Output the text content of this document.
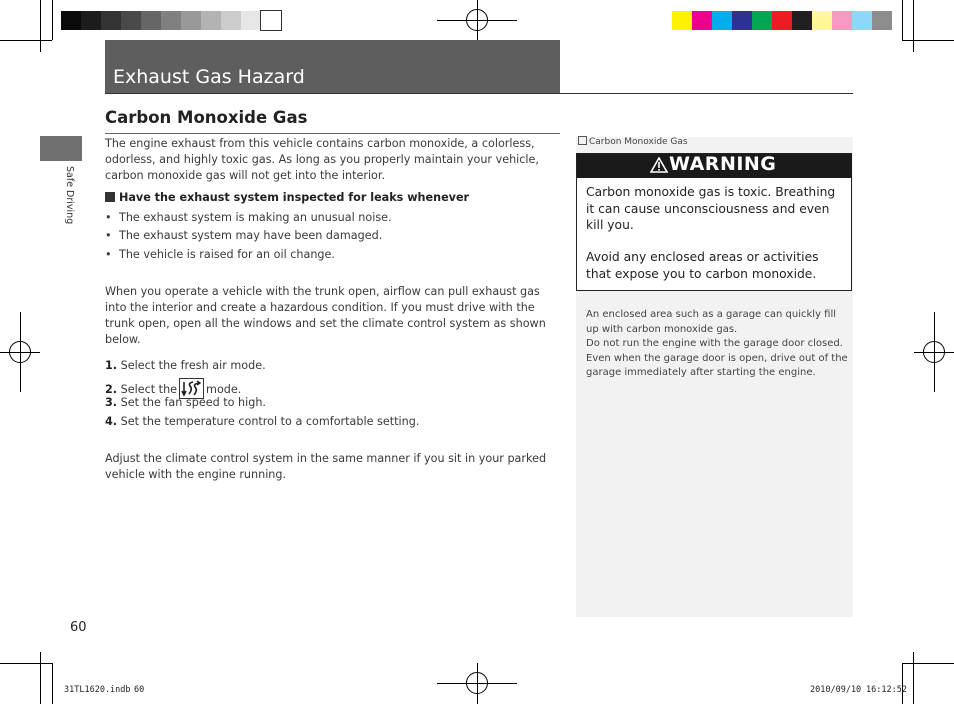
Exhaust Gas Hazard
Safe Driving
Carbon Monoxide Gas
The engine exhaust from this vehicle contains carbon monoxide, a colorless, odorless, and highly toxic gas. As long as you properly maintain your vehicle, carbon monoxide gas will not get into the interior.
Have the exhaust system inspected for leaks whenever
• The exhaust system is making an unusual noise.
• The exhaust system may have been damaged.
• The vehicle is raised for an oil change.
When you operate a vehicle with the trunk open, airflow can pull exhaust gas into the interior and create a hazardous condition. If you must drive with the trunk open, open all the windows and set the climate control system as shown below.
1. Select the fresh air mode.
2. Select the	mode.
3. Set the fan speed to high.
4. Set the temperature control to a comfortable setting.
Adjust the climate control system in the same manner if you sit in your parked vehicle with the engine running.
60
Carbon Monoxide Gas
WARNING
Carbon monoxide gas is toxic. Breathing it can cause unconsciousness and even kill you.
Avoid any enclosed areas or activities that expose you to carbon monoxide.
An enclosed area such as a garage can quickly fill up with carbon monoxide gas.
Do not run the engine with the garage door closed. Even when the garage door is open, drive out of the garage immediately after starting the engine.
31TL1620.indb 60	2010/09/10 16:12:52
